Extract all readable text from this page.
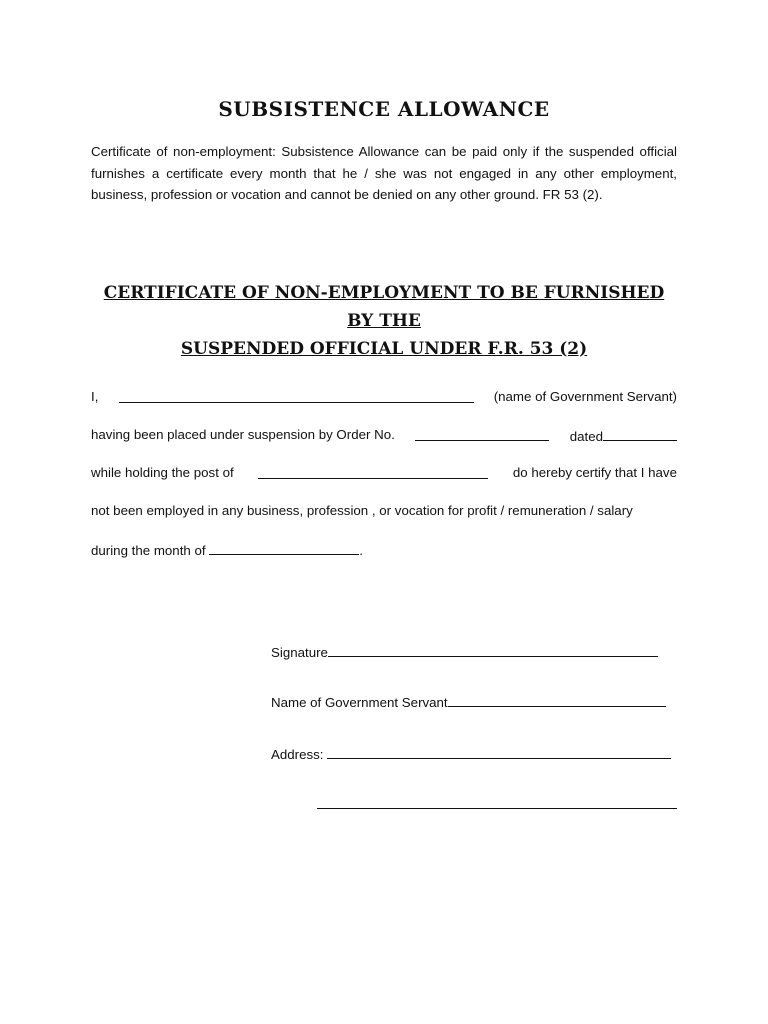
SUBSISTENCE ALLOWANCE

Certificate of non-employment: Subsistence Allowance can be paid only if the suspended official furnishes a certificate every month that he / she was not engaged in any other employment, business, profession or vocation and cannot be denied on any other ground. FR 53 (2).

CERTIFICATE OF NON-EMPLOYMENT TO BE FURNISHED BY THE
SUSPENDED OFFICIAL UNDER F.R. 53 (2)
I,	(name of Government Servant)
having been placed under suspension by Order No.	dated
while holding the post of	do hereby certify that I have
not been employed in any business, profession , or vocation for profit / remuneration / salary
during the month of	.
Signature
Name of Government Servant
Address:
